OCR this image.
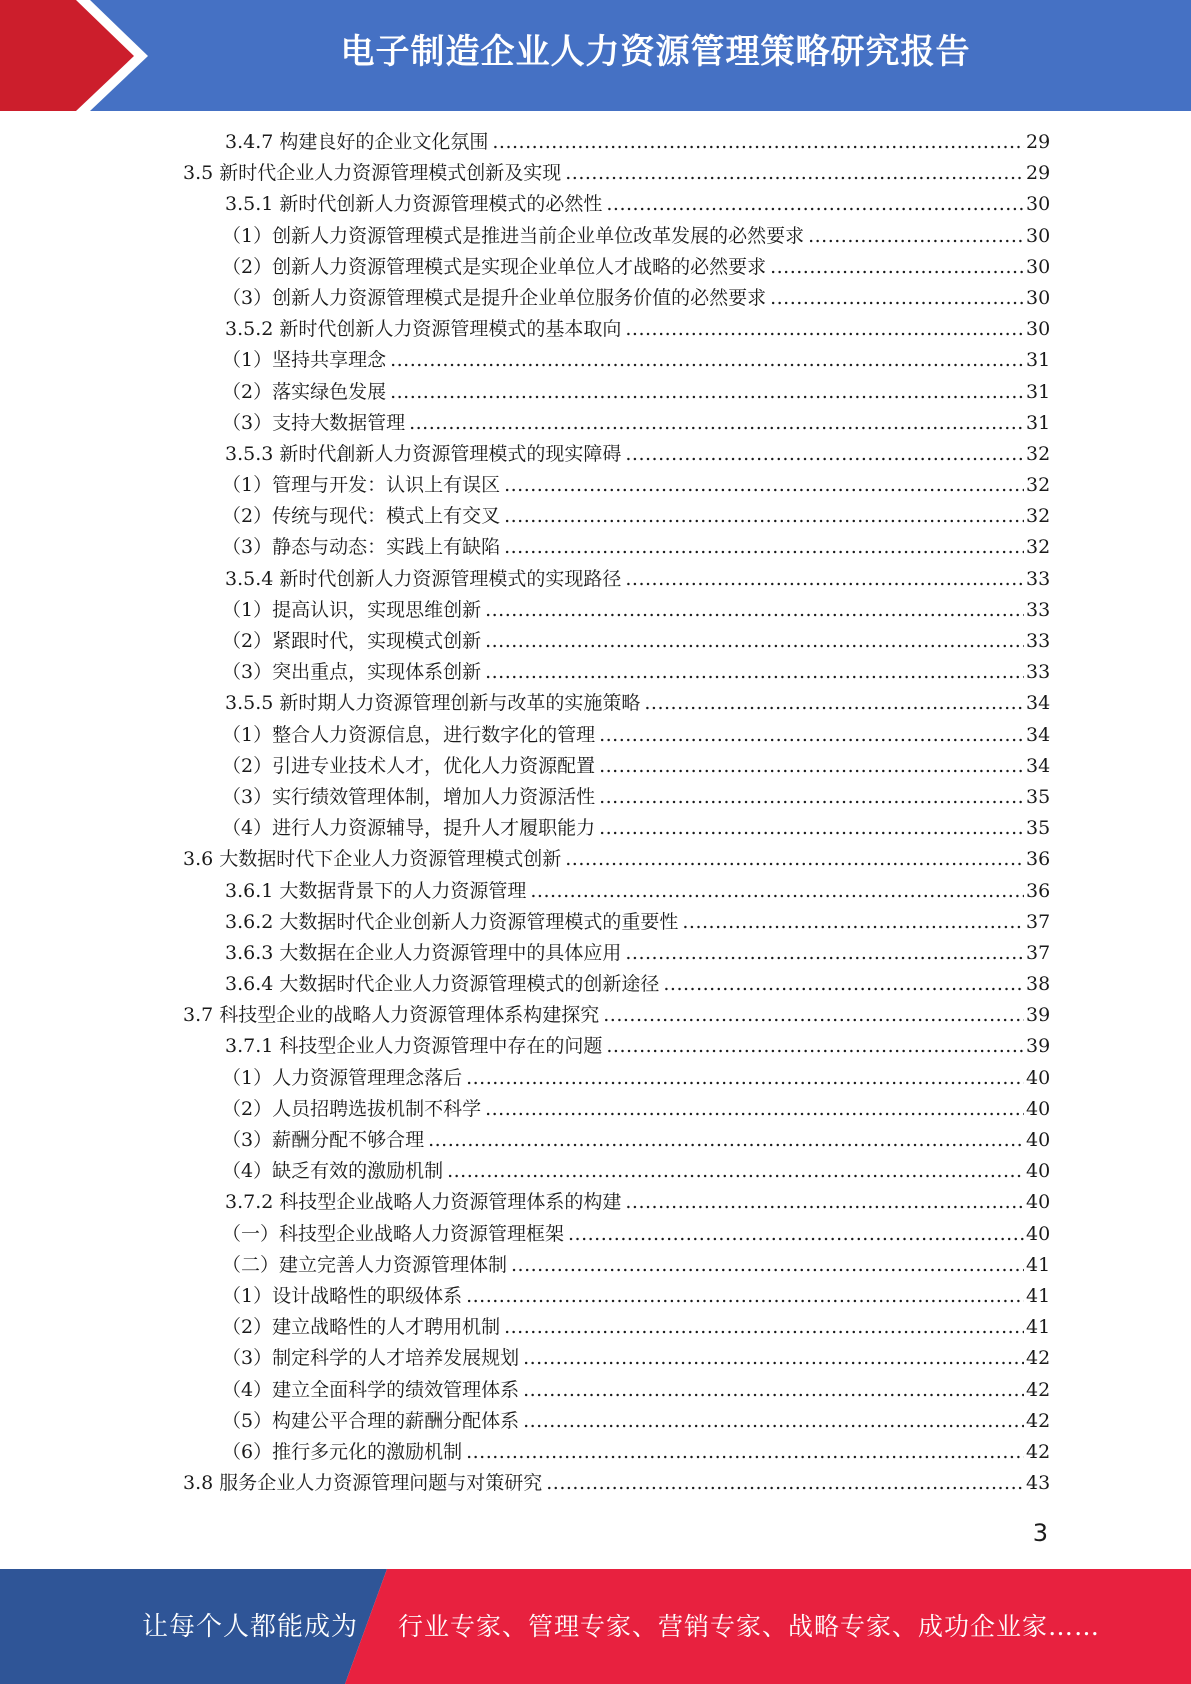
电子制造企业人力资源管理策略研究报告
3.4.7 构建良好的企业文化氛围 .....	29
3.5 新时代企业人力资源管理模式创新及实现 .....	29
3.5.1 新时代创新人力资源管理模式的必然性 .....	30
（1）创新人力资源管理模式是推进当前企业单位改革发展的必然要求 .....	30
（2）创新人力资源管理模式是实现企业单位人才战略的必然要求 .....	30
（3）创新人力资源管理模式是提升企业单位服务价值的必然要求 .....	30
3.5.2 新时代创新人力资源管理模式的基本取向 .....	30
（1）坚持共享理念 .....	31
（2）落实绿色发展 .....	31
（3）支持大数据管理 .....	31
3.5.3 新时代創新人力资源管理模式的现实障碍 .....	32
（1）管理与开发：认识上有误区 .....	32
（2）传统与现代：模式上有交叉 .....	32
（3）静态与动态：实践上有缺陷 .....	32
3.5.4 新时代创新人力资源管理模式的实现路径 .....	33
（1）提高认识，实现思维创新 .....	33
（2）紧跟时代，实现模式创新 .....	33
（3）突出重点，实现体系创新 .....	33
3.5.5 新时期人力资源管理创新与改革的实施策略 .....	34
（1）整合人力资源信息，进行数字化的管理 .....	34
（2）引进专业技术人才，优化人力资源配置 .....	34
（3）实行绩效管理体制，增加人力资源活性 .....	35
（4）进行人力资源辅导，提升人才履职能力 .....	35
3.6 大数据时代下企业人力资源管理模式创新 .....	36
3.6.1 大数据背景下的人力资源管理 .....	36
3.6.2 大数据时代企业创新人力资源管理模式的重要性 .....	37
3.6.3 大数据在企业人力资源管理中的具体应用 .....	37
3.6.4 大数据时代企业人力资源管理模式的创新途径 .....	38
3.7 科技型企业的战略人力资源管理体系构建探究 .....	39
3.7.1 科技型企业人力资源管理中存在的问题 .....	39
（1）人力资源管理理念落后 .....	40
（2）人员招聘选拔机制不科学 .....	40
（3）薪酬分配不够合理 .....	40
（4）缺乏有效的激励机制 .....	40
3.7.2 科技型企业战略人力资源管理体系的构建 .....	40
（一）科技型企业战略人力资源管理框架 .....	40
（二）建立完善人力资源管理体制 .....	41
（1）设计战略性的职级体系 .....	41
（2）建立战略性的人才聘用机制 .....	41
（3）制定科学的人才培养发展规划 .....	42
（4）建立全面科学的绩效管理体系 .....	42
（5）构建公平合理的薪酬分配体系 .....	42
（6）推行多元化的激励机制 .....	42
3.8 服务企业人力资源管理问题与对策研究 .....	43
3
让每个人都能成为 行业专家、管理专家、营销专家、战略专家、成功企业家……
